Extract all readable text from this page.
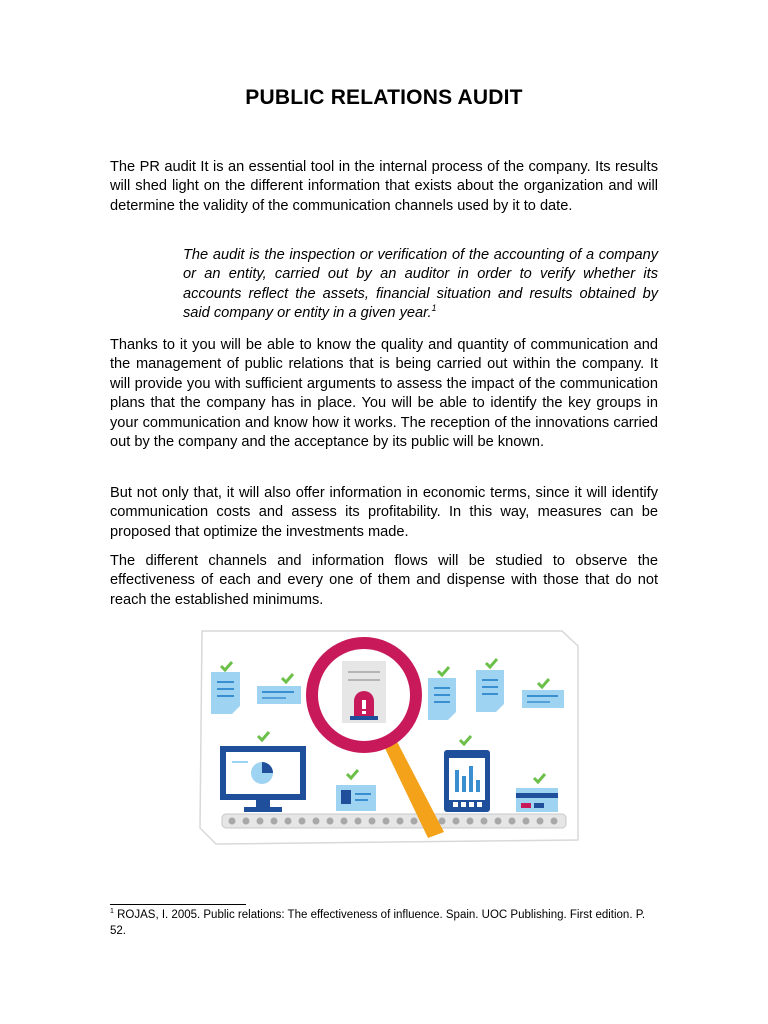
PUBLIC RELATIONS AUDIT

The PR audit It is an essential tool in the internal process of the company. Its results will shed light on the different information that exists about the organization and will determine the validity of the communication channels used by it to date.

The audit is the inspection or verification of the accounting of a company or an entity, carried out by an auditor in order to verify whether its accounts reflect the assets, financial situation and results obtained by said company or entity in a given year.$^1$

Thanks to it you will be able to know the quality and quantity of communication and the management of public relations that is being carried out within the company. It will provide you with sufficient arguments to assess the impact of the communication plans that the company has in place. You will be able to identify the key groups in your communication and know how it works. The reception of the innovations carried out by the company and the acceptance by its public will be known.

But not only that, it will also offer information in economic terms, since it will identify communication costs and assess its profitability. In this way, measures can be proposed that optimize the investments made.

The different channels and information flows will be studied to observe the effectiveness of each and every one of them and dispense with those that do not reach the established minimums.

$^1$ ROJAS, I. 2005. Public relations: The effectiveness of influence. Spain. UOC Publishing. First edition. P. 52.
